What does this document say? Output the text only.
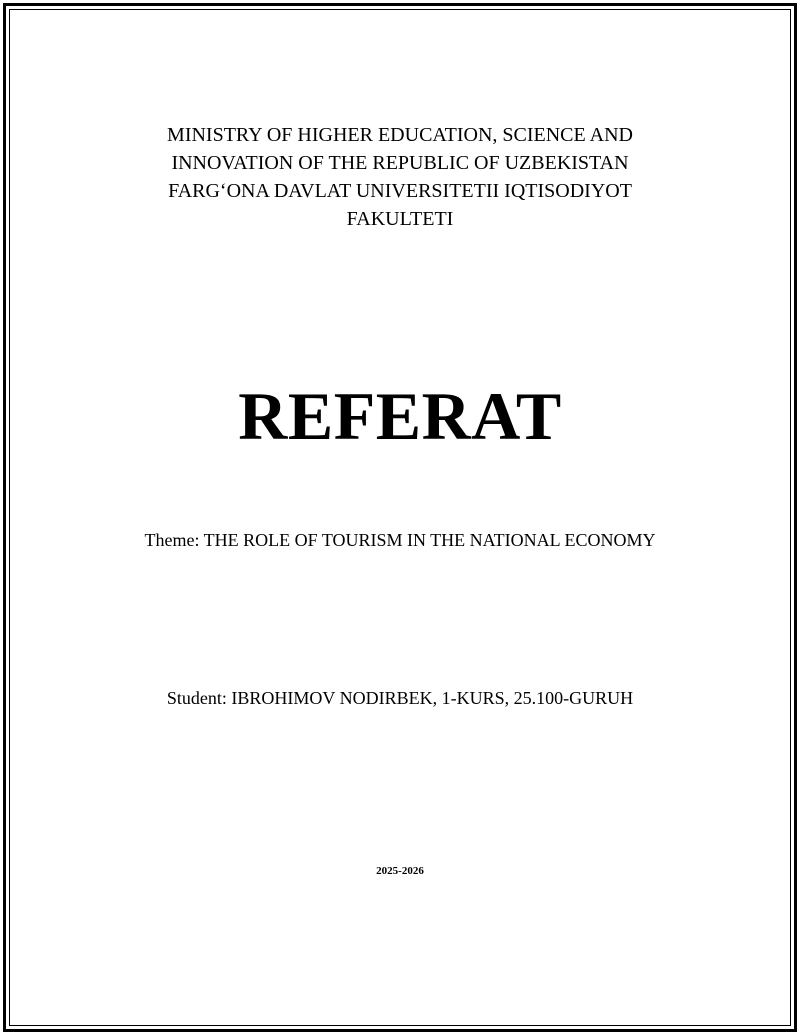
MINISTRY OF HIGHER EDUCATION, SCIENCE AND
INNOVATION OF THE REPUBLIC OF UZBEKISTAN
FARG‘ONA DAVLAT UNIVERSITETII IQTISODIYOT
FAKULTETI
REFERAT
Theme: THE ROLE OF TOURISM IN THE NATIONAL ECONOMY
Student: IBROHIMOV NODIRBEK, 1-KURS, 25.100-GURUH
2025-2026
